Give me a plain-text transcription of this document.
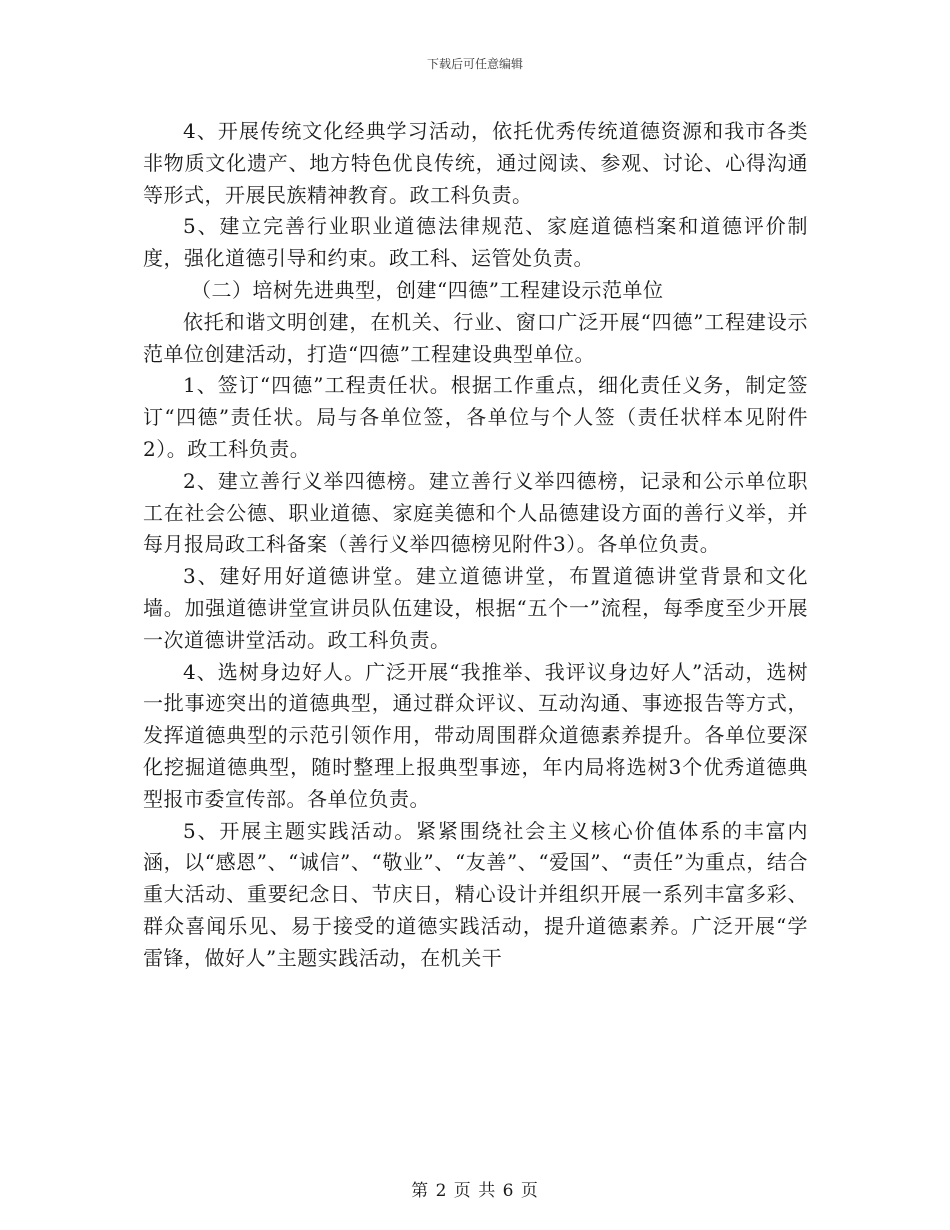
下载后可任意编辑

4、开展传统文化经典学习活动，依托优秀传统道德资源和我市各类非物质文化遗产、地方特色优良传统，通过阅读、参观、讨论、心得沟通等形式，开展民族精神教育。政工科负责。

5、建立完善行业职业道德法律规范、家庭道德档案和道德评价制度，强化道德引导和约束。政工科、运管处负责。

（二）培树先进典型，创建“四德”工程建设示范单位

依托和谐文明创建，在机关、行业、窗口广泛开展“四德”工程建设示范单位创建活动，打造“四德”工程建设典型单位。

1、签订“四德”工程责任状。根据工作重点，细化责任义务，制定签订“四德”责任状。局与各单位签，各单位与个人签（责任状样本见附件2）。政工科负责。

2、建立善行义举四德榜。建立善行义举四德榜，记录和公示单位职工在社会公德、职业道德、家庭美德和个人品德建设方面的善行义举，并每月报局政工科备案（善行义举四德榜见附件3）。各单位负责。

3、建好用好道德讲堂。建立道德讲堂，布置道德讲堂背景和文化墙。加强道德讲堂宣讲员队伍建设，根据“五个一”流程，每季度至少开展一次道德讲堂活动。政工科负责。

4、选树身边好人。广泛开展“我推举、我评议身边好人”活动，选树一批事迹突出的道德典型，通过群众评议、互动沟通、事迹报告等方式，发挥道德典型的示范引领作用，带动周围群众道德素养提升。各单位要深化挖掘道德典型，随时整理上报典型事迹，年内局将选树3个优秀道德典型报市委宣传部。各单位负责。

5、开展主题实践活动。紧紧围绕社会主义核心价值体系的丰富内涵，以“感恩”、“诚信”、“敬业”、“友善”、“爱国”、“责任”为重点，结合重大活动、重要纪念日、节庆日，精心设计并组织开展一系列丰富多彩、群众喜闻乐见、易于接受的道德实践活动，提升道德素养。广泛开展“学雷锋，做好人”主题实践活动，在机关干

第 2 页 共 6 页
